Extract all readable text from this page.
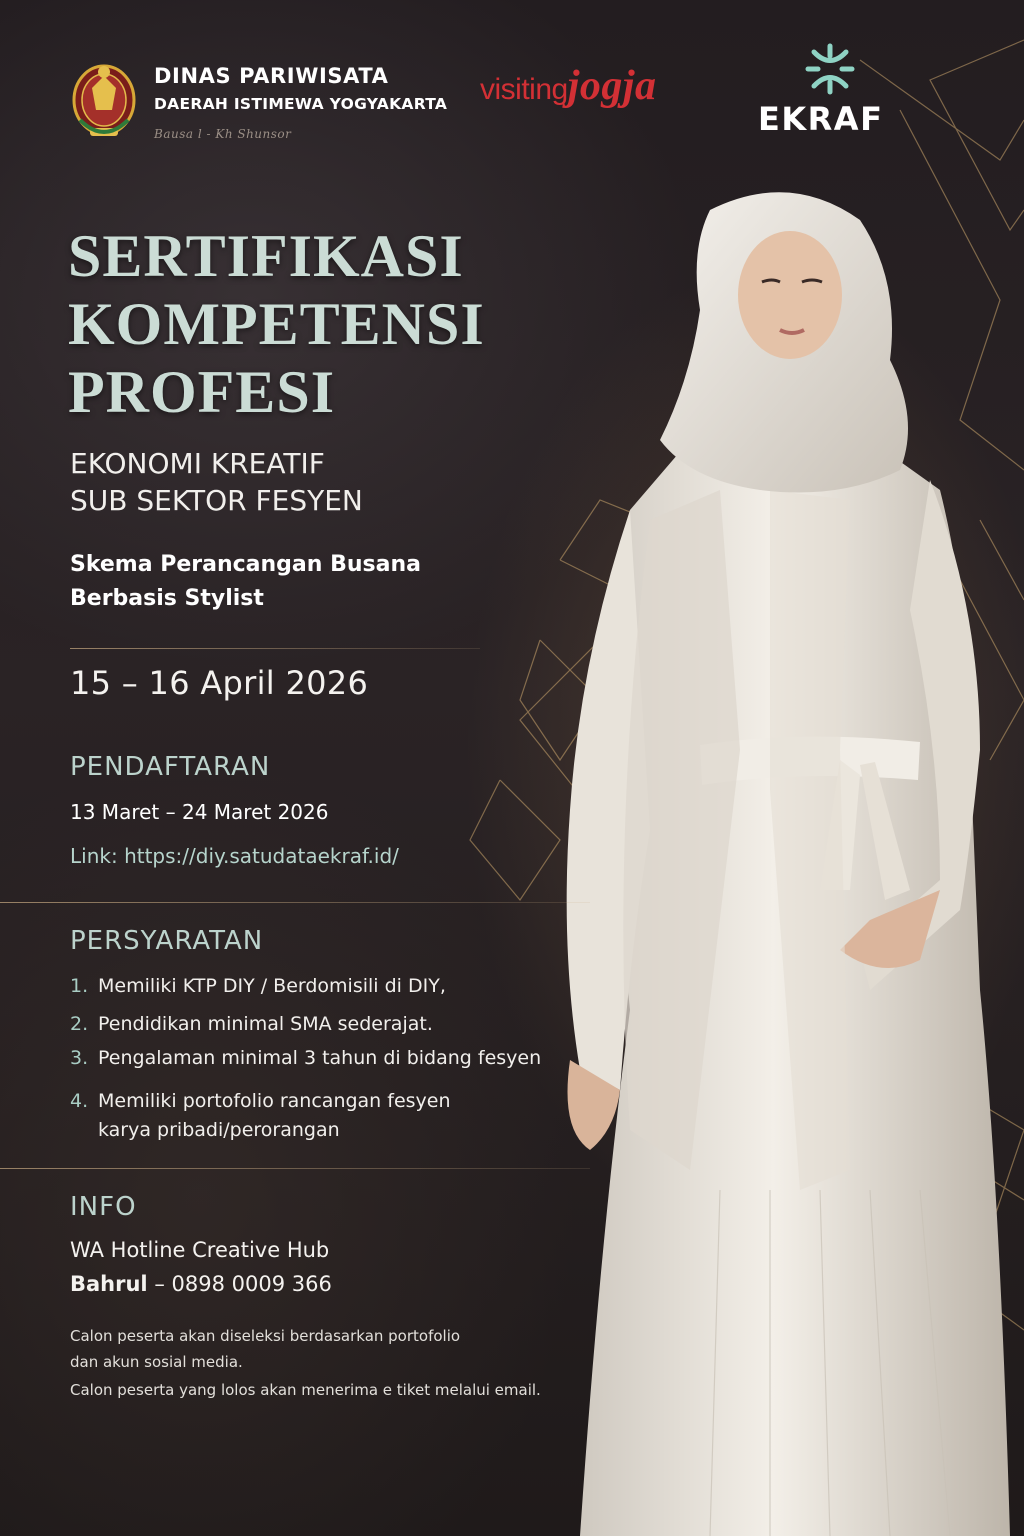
DINAS PARIWISATA
DAERAH ISTIMEWA YOGYAKARTA
Bausa l - Kh Shunsor
visitingjogja
EKRAF
SERTIFIKASI
KOMPETENSI
PROFESI
EKONOMI KREATIF
SUB SEKTOR FESYEN
Skema Perancangan Busana
Berbasis Stylist
15 – 16 April 2026
PENDAFTARAN
13 Maret – 24 Maret 2026
Link: https://diy.satudataekraf.id/
PERSYARATAN
1. Memiliki KTP DIY / Berdomisili di DIY,
2. Pendidikan minimal SMA sederajat.
3. Pengalaman minimal 3 tahun di bidang fesyen
4. Memiliki portofolio rancangan fesyen
karya pribadi/perorangan
INFO
WA Hotline Creative Hub
Bahrul – 0898 0009 366
Calon peserta akan diseleksi berdasarkan portofolio
dan akun sosial media.
Calon peserta yang lolos akan menerima e tiket melalui email.
